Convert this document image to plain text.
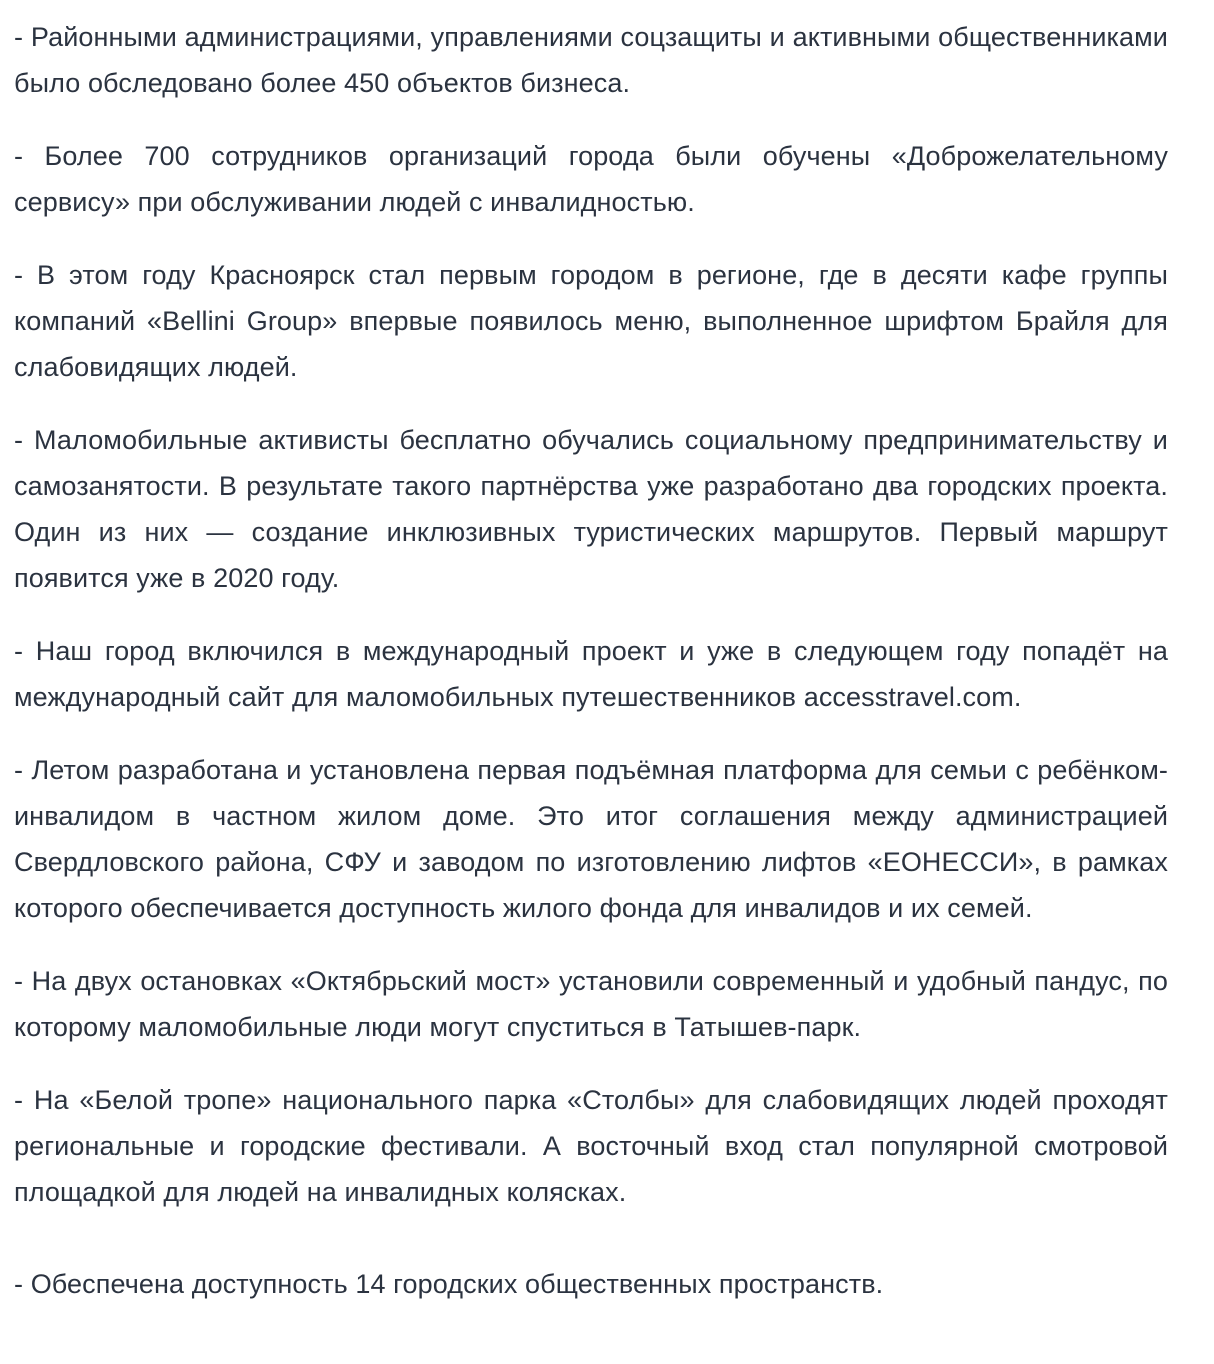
- Районными администрациями, управлениями соцзащиты и активными общественниками было обследовано более 450 объектов бизнеса.

- Более 700 сотрудников организаций города были обучены «Доброжелательному сервису» при обслуживании людей с инвалидностью.

- В этом году Красноярск стал первым городом в регионе, где в десяти кафе группы компаний «Bellini Group» впервые появилось меню, выполненное шрифтом Брайля для слабовидящих людей.

- Маломобильные активисты бесплатно обучались социальному предпринимательству и самозанятости. В результате такого партнёрства уже разработано два городских проекта. Один из них — создание инклюзивных туристических маршрутов. Первый маршрут появится уже в 2020 году.

- Наш город включился в международный проект и уже в следующем году попадёт на международный сайт для маломобильных путешественников accesstravel.com.

- Летом разработана и установлена первая подъёмная платформа для семьи с ребёнком-инвалидом в частном жилом доме. Это итог соглашения между администрацией Свердловского района, СФУ и заводом по изготовлению лифтов «ЕОНЕССИ», в рамках которого обеспечивается доступность жилого фонда для инвалидов и их семей.

- На двух остановках «Октябрьский мост» установили современный и удобный пандус, по которому маломобильные люди могут спуститься в Татышев-парк.

- На «Белой тропе» национального парка «Столбы» для слабовидящих людей проходят региональные и городские фестивали. А восточный вход стал популярной смотровой площадкой для людей на инвалидных колясках.

- Обеспечена доступность 14 городских общественных пространств.
